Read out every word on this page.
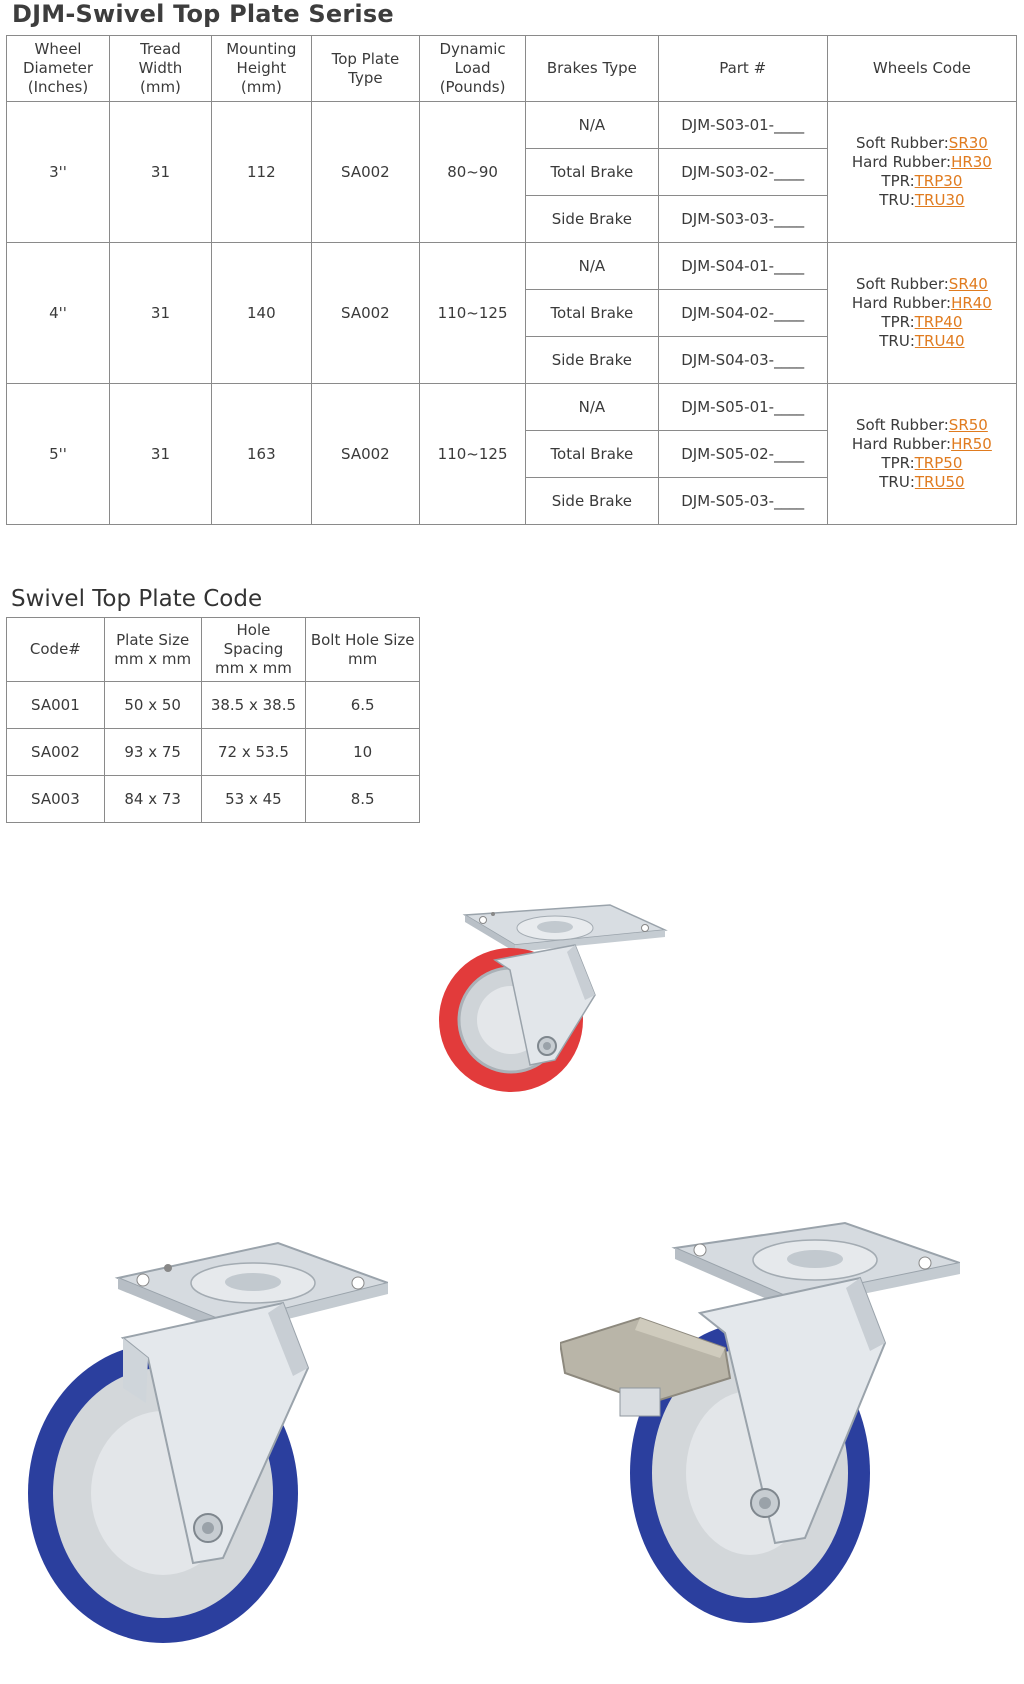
DJM-Swivel Top Plate Serise
Wheel
Diameter
(Inches)	Tread
Width
(mm)	Mounting
Height
(mm)	Top Plate
Type	Dynamic
Load
(Pounds)	Brakes Type	Part #	Wheels Code

3''	31	112	SA002	80~90	N/A	DJM-S03-01-____	Soft Rubber:SR30
Hard Rubber:HR30
TPR:TRP30
TRU:TRU30

					Total Brake	DJM-S03-02-____	
					Side Brake	DJM-S03-03-____	
4''	31	140	SA002	110~125	N/A	DJM-S04-01-____	Soft Rubber:SR40
Hard Rubber:HR40
TPR:TRP40
TRU:TRU40

					Total Brake	DJM-S04-02-____	
					Side Brake	DJM-S04-03-____	
5''	31	163	SA002	110~125	N/A	DJM-S05-01-____	Soft Rubber:SR50
Hard Rubber:HR50
TPR:TRP50
TRU:TRU50

					Total Brake	DJM-S05-02-____	
					Side Brake	DJM-S05-03-____	
Swivel Top Plate Code
Code#	Plate Size
mm x mm	Hole
Spacing
mm x mm	Bolt Hole Size
mm

SA001	50 x 50	38.5 x 38.5	6.5
SA002	93 x 75	72 x 53.5	10
SA003	84 x 73	53 x 45	8.5
